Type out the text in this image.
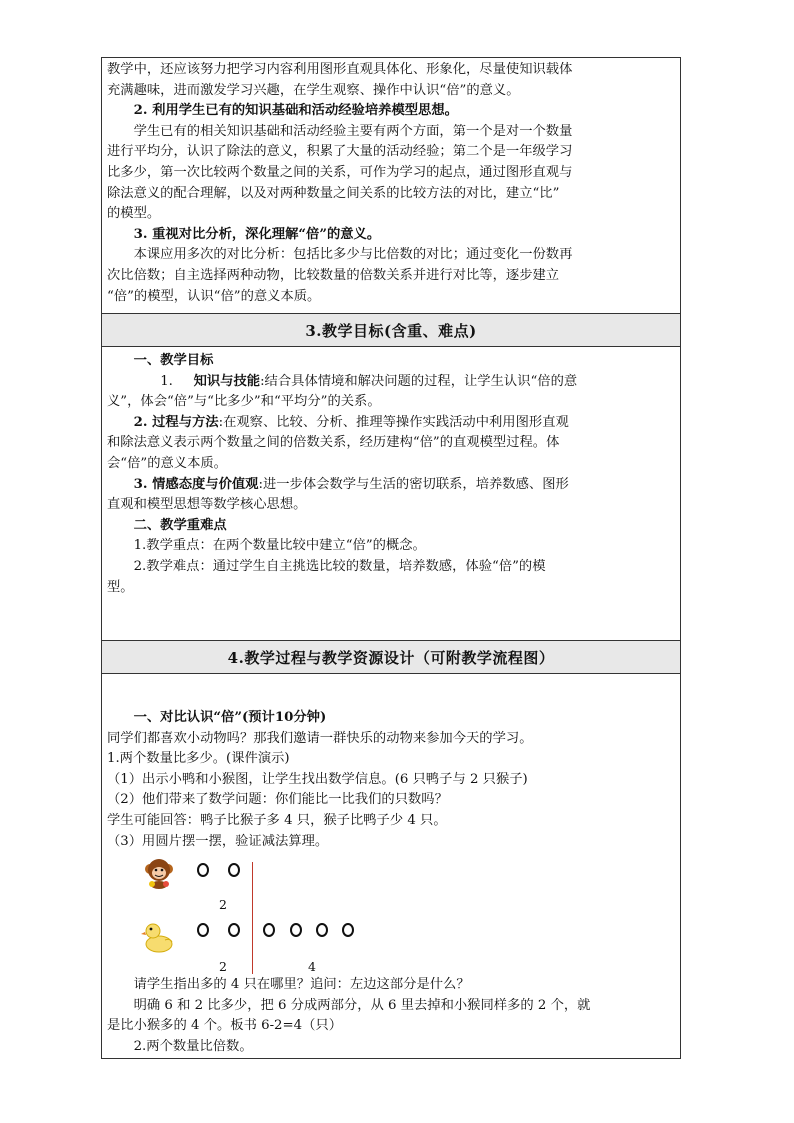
3.教学目标(含重、难点)
4.教学过程与教学资源设计（可附教学流程图）

教学中，还应该努力把学习内容利用图形直观具体化、形象化，尽量使知识载体

充满趣味，进而激发学习兴趣，在学生观察、操作中认识“倍”的意义。

2. 利用学生已有的知识基础和活动经验培养模型思想。

学生已有的相关知识基础和活动经验主要有两个方面，第一个是对一个数量

进行平均分，认识了除法的意义，积累了大量的活动经验；第二个是一年级学习

比多少，第一次比较两个数量之间的关系，可作为学习的起点，通过图形直观与

除法意义的配合理解，以及对两种数量之间关系的比较方法的对比，建立“比”

的模型。

3. 重视对比分析，深化理解“倍”的意义。

本课应用多次的对比分析：包括比多少与比倍数的对比；通过变化一份数再

次比倍数；自主选择两种动物，比较数量的倍数关系并进行对比等，逐步建立

“倍”的模型，认识“倍”的意义本质。

一、教学目标

1. 知识与技能:结合具体情境和解决问题的过程，让学生认识“倍的意

义”，体会“倍”与“比多少”和“平均分”的关系。

2. 过程与方法:在观察、比较、分析、推理等操作实践活动中利用图形直观

和除法意义表示两个数量之间的倍数关系，经历建构“倍”的直观模型过程。体

会“倍”的意义本质。

3. 情感态度与价值观:进一步体会数学与生活的密切联系，培养数感、图形

直观和模型思想等数学核心思想。

二、教学重难点

1.教学重点：在两个数量比较中建立“倍”的概念。

2.教学难点：通过学生自主挑选比较的数量，培养数感，体验“倍”的模

型。

一、对比认识“倍”(预计10分钟)

同学们都喜欢小动物吗？那我们邀请一群快乐的动物来参加今天的学习。

1.两个数量比多少。(课件演示)

（1）出示小鸭和小猴图，让学生找出数学信息。(6 只鸭子与 2 只猴子)

（2）他们带来了数学问题：你们能比一比我们的只数吗？

学生可能回答：鸭子比猴子多 4 只，猴子比鸭子少 4 只。

（3）用圆片摆一摆，验证减法算理。

2
2	4

请学生指出多的 4 只在哪里？追问：左边这部分是什么？

明确 6 和 2 比多少，把 6 分成两部分，从 6 里去掉和小猴同样多的 2 个，就

是比小猴多的 4 个。板书 6-2=4（只）

2.两个数量比倍数。
